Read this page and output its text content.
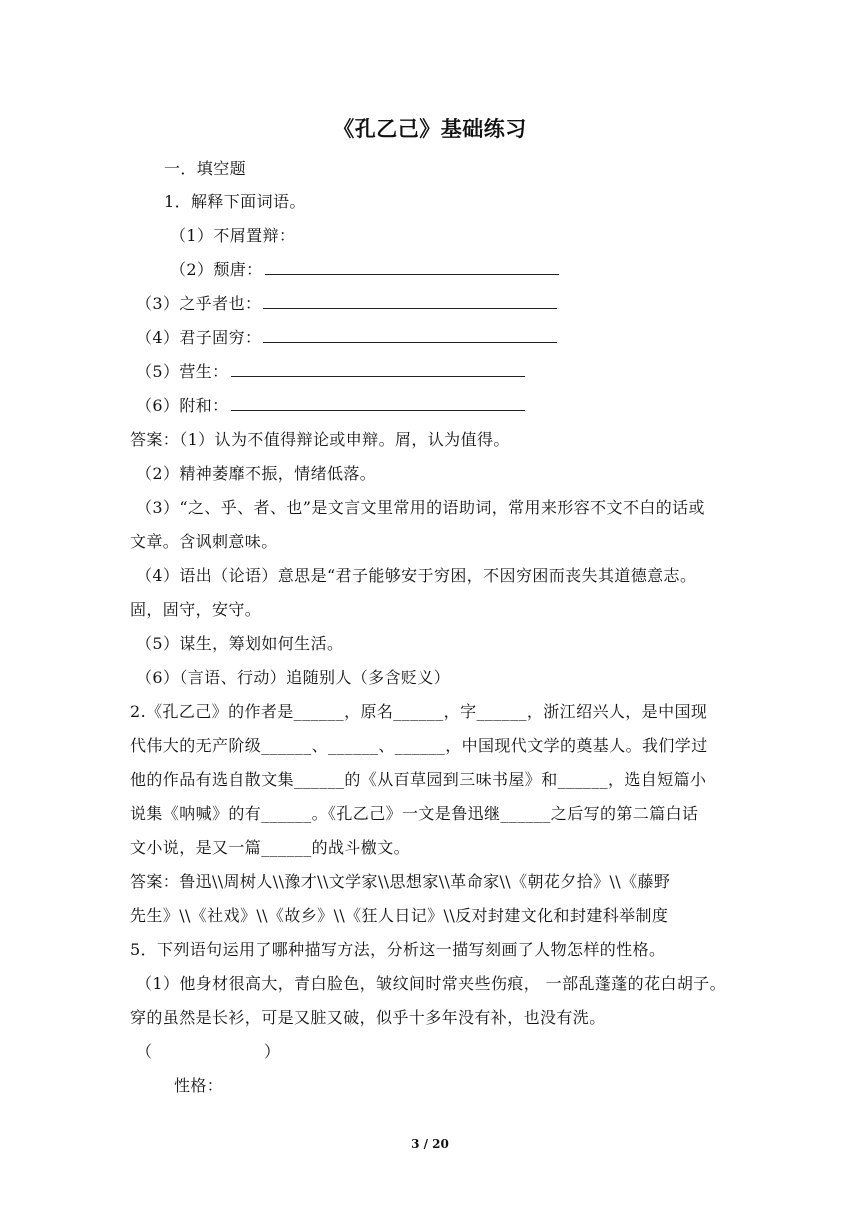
《孔乙己》基础练习
一．填空题
1．解释下面词语。
（1）不屑置辩：
（2）颓唐：
（3）之乎者也：
（4）君子固穷：
（5）营生：
（6）附和：
答案：（1）认为不值得辩论或申辩。屑，认为值得。
（2）精神萎靡不振，情绪低落。
（3）“之、乎、者、也”是文言文里常用的语助词，常用来形容不文不白的话或
文章。含讽刺意味。
（4）语出（论语）意思是“君子能够安于穷困，不因穷困而丧失其道德意志。
固，固守，安守。
（5）谋生，筹划如何生活。
（6）（言语、行动）追随别人（多含贬义）
2.《孔乙己》的作者是______，原名______，字______，浙江绍兴人，是中国现
代伟大的无产阶级______、______、______，中国现代文学的奠基人。我们学过
他的作品有选自散文集______的《从百草园到三味书屋》和______，选自短篇小
说集《呐喊》的有______。《孔乙己》一文是鲁迅继______之后写的第二篇白话
文小说，是又一篇______的战斗檄文。
答案：鲁迅\\周树人\\豫才\\文学家\\思想家\\革命家\\《朝花夕拾》\\《藤野
先生》\\《社戏》\\《故乡》\\《狂人日记》\\反对封建文化和封建科举制度
5．下列语句运用了哪种描写方法，分析这一描写刻画了人物怎样的性格。
（1）他身材很高大，青白脸色，皱纹间时常夹些伤痕， 一部乱蓬蓬的花白胡子。
穿的虽然是长衫，可是又脏又破，似乎十多年没有补，也没有洗。
（	）
性格：
3 / 20
